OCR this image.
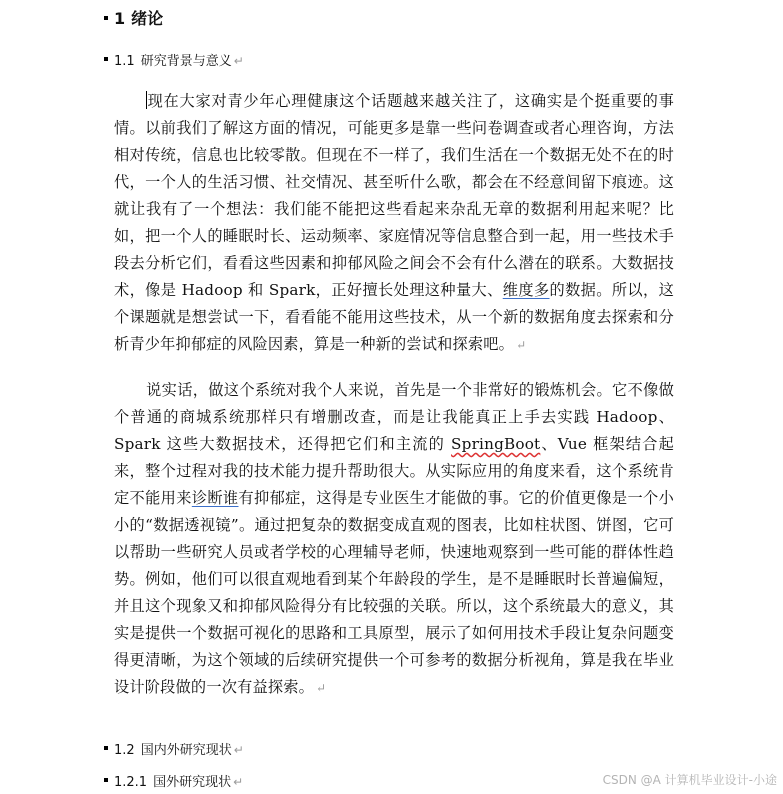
1 绪论
1.1 研究背景与意义 ↵

现在大家对青少年心理健康这个话题越来越关注了，这确实是个挺重要的事情。以前我们了解这方面的情况，可能更多是靠一些问卷调查或者心理咨询，方法相对传统，信息也比较零散。但现在不一样了，我们生活在一个数据无处不在的时代，一个人的生活习惯、社交情况、甚至听什么歌，都会在不经意间留下痕迹。这就让我有了一个想法：我们能不能把这些看起来杂乱无章的数据利用起来呢？比如，把一个人的睡眠时长、运动频率、家庭情况等信息整合到一起，用一些技术手段去分析它们，看看这些因素和抑郁风险之间会不会有什么潜在的联系。大数据技术，像是 Hadoop 和 Spark，正好擅长处理这种量大、维度多的数据。所以，这个课题就是想尝试一下，看看能不能用这些技术，从一个新的数据角度去探索和分析青少年抑郁症的风险因素，算是一种新的尝试和探索吧。 ↵

说实话，做这个系统对我个人来说，首先是一个非常好的锻炼机会。它不像做个普通的商城系统那样只有增删改查，而是让我能真正上手去实践 Hadoop、Spark 这些大数据技术，还得把它们和主流的 SpringBoot、Vue 框架结合起来，整个过程对我的技术能力提升帮助很大。从实际应用的角度来看，这个系统肯定不能用来诊断谁有抑郁症，这得是专业医生才能做的事。它的价值更像是一个小小的“数据透视镜”。通过把复杂的数据变成直观的图表，比如柱状图、饼图，它可以帮助一些研究人员或者学校的心理辅导老师，快速地观察到一些可能的群体性趋势。例如，他们可以很直观地看到某个年龄段的学生，是不是睡眠时长普遍偏短，并且这个现象又和抑郁风险得分有比较强的关联。所以，这个系统最大的意义，其实是提供一个数据可视化的思路和工具原型，展示了如何用技术手段让复杂问题变得更清晰，为这个领域的后续研究提供一个可参考的数据分析视角，算是我在毕业设计阶段做的一次有益探索。 ↵

1.2 国内外研究现状 ↵
1.2.1 国外研究现状 ↵	CSDN @A 计算机毕业设计-小途
